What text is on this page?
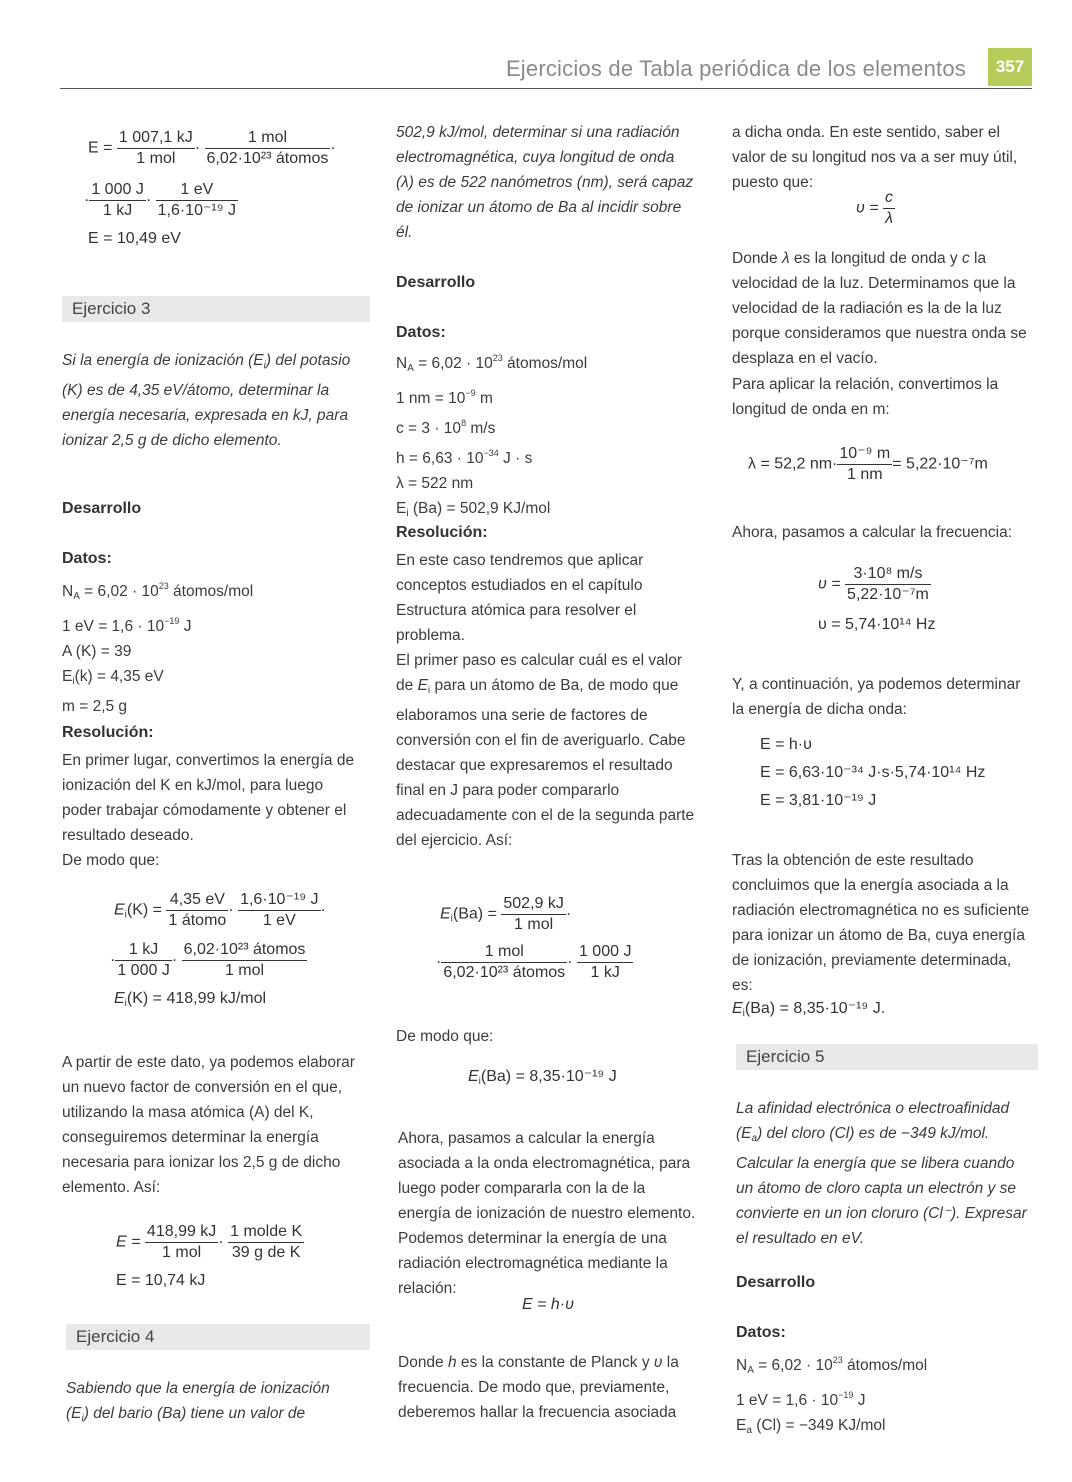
Ejercicios de Tabla periódica de los elementos	357
$E = \frac{1 007,1 kJ}{\text{1 mol}} \cdot \frac{\text{1 mol}}{\text{6,02·10²³ átomos}}$ ·
· $\frac{1 000 J}{1 kJ} \cdot \frac{1 eV}{\text{1,6·10⁻¹⁹ J}}$
E = 10,49 eV
Ejercicio 3

Si la energía de ionización $(E_i)$ del potasio (K) es de 4,35 eV/átomo, determinar la energía necesaria, expresada en kJ, para ionizar 2,5 g de dicho elemento.

Desarrollo
Datos:
$N_A = 6,02 \cdot 10^{23}$ átomos/mol
1 eV = $1,6 \cdot 10^{-19}$ J
A (K) = 39
$E_i(k) = 4,35$ eV
m = 2,5 g
Resolución:

En primer lugar, convertimos la energía de ionización del K en kJ/mol, para luego poder trabajar cómodamente y obtener el resultado deseado.

De modo que:

$E_i(K) = \frac{4,35 eV}{\text{1 átomo}} \cdot \frac{\text{1,6·10⁻¹⁹ J}}{1 eV}$ ·
· $\frac{1 kJ}{1 000 J} \cdot \frac{\text{6,02·10²³ átomos}}{\text{1 mol}}$
$E_i(K) = 418,99$ kJ/mol

A partir de este dato, ya podemos elaborar un nuevo factor de conversión en el que, utilizando la masa atómica (A) del K, conseguiremos determinar la energía necesaria para ionizar los 2,5 g de dicho elemento. Así:

$E = \frac{418,99 kJ}{\text{1 mol}} \cdot \frac{\text{1 molde K}}{\text{39 g de K}}$
E = 10,74 kJ
Ejercicio 4

Sabiendo que la energía de ionización $(E_i)$ del bario (Ba) tiene un valor de

502,9 kJ/mol, determinar si una radiación electromagnética, cuya longitud de onda (λ) es de 522 nanómetros (nm), será capaz de ionizar un átomo de Ba al incidir sobre él.

Desarrollo
Datos:
$N_A = 6,02 \cdot 10^{23}$ átomos/mol
1 nm = $10^{-9}$ m
$c = 3 \cdot 10^8$ m/s
$h = 6,63 \cdot 10^{-34}$ J · s
λ = 522 nm
$E_i$ (Ba) = 502,9 KJ/mol
Resolución:

En este caso tendremos que aplicar conceptos estudiados en el capítulo Estructura atómica para resolver el problema.

El primer paso es calcular cuál es el valor de $E_i$ para un átomo de Ba, de modo que elaboramos una serie de factores de conversión con el fin de averiguarlo. Cabe destacar que expresaremos el resultado final en J para poder compararlo adecuadamente con el de la segunda parte del ejercicio. Así:

$E_i(Ba) = \frac{502,9 kJ}{\text{1 mol}}$ ·
· $\frac{\text{1 mol}}{\text{6,02·10²³ átomos}} \cdot \frac{1 000 J}{1 kJ}$

De modo que:

$E_i(Ba) = 8,35\cdot 10^{-19}$ J

Ahora, pasamos a calcular la energía asociada a la onda electromagnética, para luego poder compararla con la de la energía de ionización de nuestro elemento. Podemos determinar la energía de una radiación electromagnética mediante la relación:

E = h·υ

Donde h es la constante de Planck y υ la frecuencia. De modo que, previamente, deberemos hallar la frecuencia asociada

a dicha onda. En este sentido, saber el valor de su longitud nos va a ser muy útil, puesto que:

$\upsilon = \frac{c}{\lambda}$

Donde λ es la longitud de onda y c la velocidad de la luz. Determinamos que la velocidad de la radiación es la de la luz porque consideramos que nuestra onda se desplaza en el vacío.

Para aplicar la relación, convertimos la longitud de onda en m:

λ = 52,2 $nm\cdot \frac{\text{10⁻⁹ m}}{1 nm} = 5,22\cdot 10^{-7}m$

Ahora, pasamos a calcular la frecuencia:

$\upsilon = \frac{\text{3·10⁸ m/s}}{\text{5,22·10⁻⁷m}}$
υ = 5,74·10¹⁴ Hz

Y, a continuación, ya podemos determinar la energía de dicha onda:

E = h·υ
E = 6,63·10⁻³⁴ J·s·5,74·10¹⁴ Hz
E = 3,81·10⁻¹⁹ J

Tras la obtención de este resultado concluimos que la energía asociada a la radiación electromagnética no es suficiente para ionizar un átomo de Ba, cuya energía de ionización, previamente determinada, es:

$E_i(Ba) = 8,35\cdot 10^{-19}$ J.
Ejercicio 5

La afinidad electrónica o electroafinidad $(E_a)$ del cloro (Cl) es de −349 kJ/mol. Calcular la energía que se libera cuando un átomo de cloro capta un electrón y se convierte en un ion cloruro (Cl⁻). Expresar el resultado en eV.

Desarrollo
Datos:
$N_A = 6,02 \cdot 10^{23}$ átomos/mol
1 eV = $1,6 \cdot 10^{-19}$ J
$E_a$ (Cl) = −349 KJ/mol
